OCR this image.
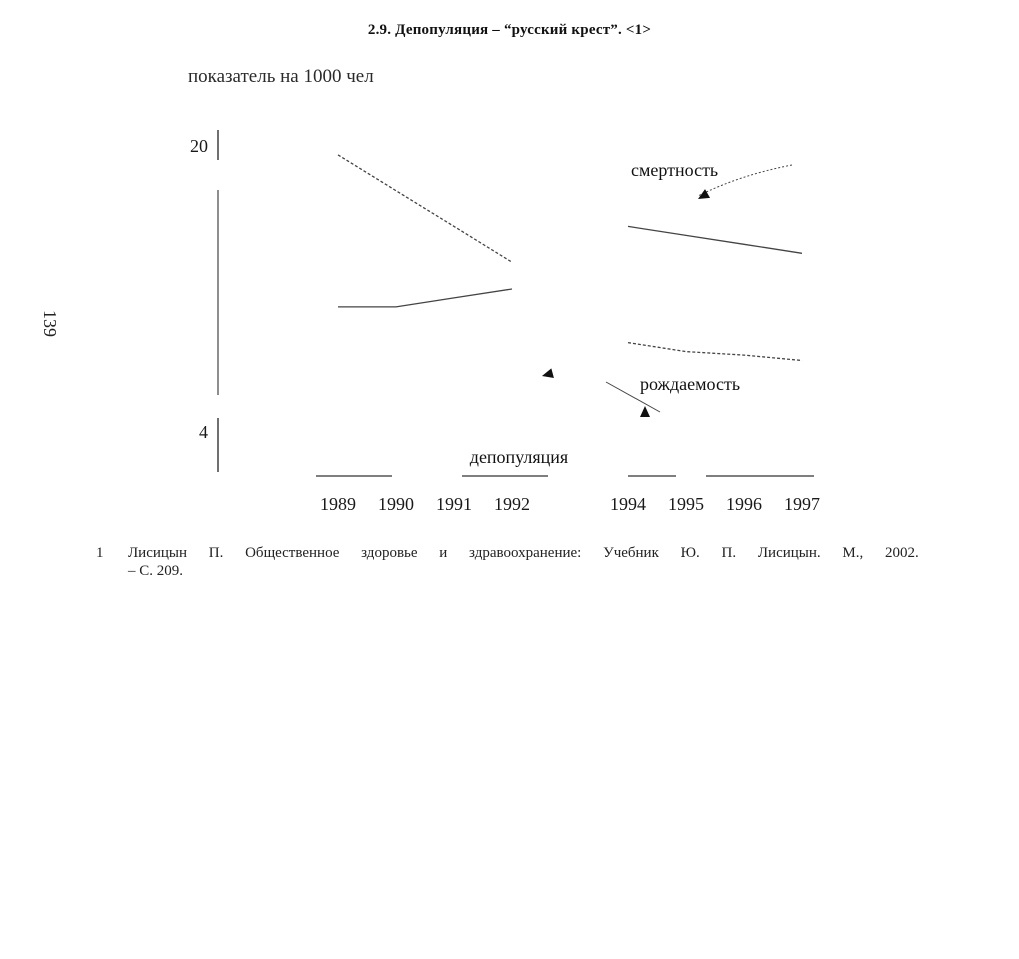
2.9. Депопуляция – “русский крест”. <1>
показатель на 1000 чел
139
20
4
1989 1990 1991 1992	1994 1995 1996 1997
смертность
рождаемость
депопуляция
1 Лисицын П. Общественное здоровье и здравоохранение: Учебник Ю. П. Лисицын. М., 2002.
– С. 209.
